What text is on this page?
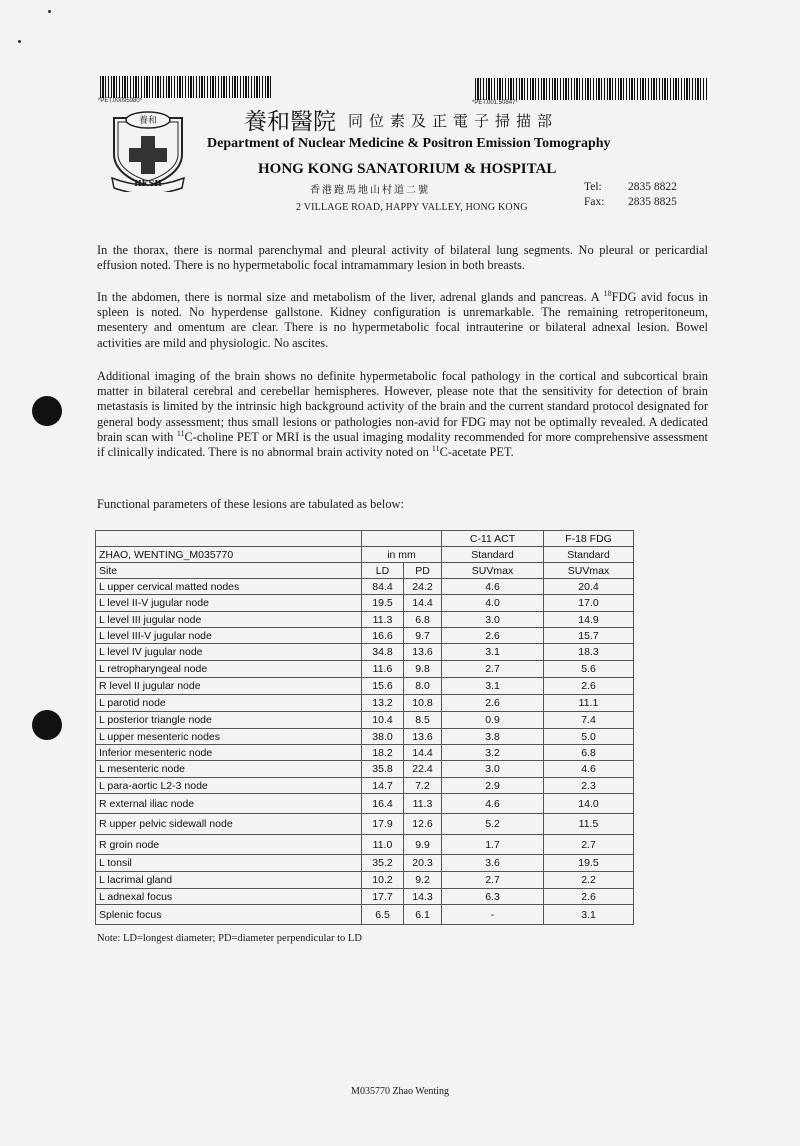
*PET.00095980*	*PET.001.50847*
養和
HKSH
養和醫院 同位素及正電子掃描部
Department of Nuclear Medicine & Positron Emission Tomography
HONG KONG SANATORIUM & HOSPITAL
香港跑馬地山村道二號
2 VILLAGE ROAD, HAPPY VALLEY, HONG KONG
Tel: 2835 8822
Fax: 2835 8825
In the thorax, there is normal parenchymal and pleural activity of bilateral lung segments. No pleural or pericardial effusion noted. There is no hypermetabolic focal intramammary lesion in both breasts.
In the abdomen, there is normal size and metabolism of the liver, adrenal glands and pancreas. A $^{18}$FDG avid focus in spleen is noted. No hyperdense gallstone. Kidney configuration is unremarkable. The remaining retroperitoneum, mesentery and omentum are clear. There is no hypermetabolic focal intrauterine or bilateral adnexal lesion. Bowel activities are mild and physiologic. No ascites.
Additional imaging of the brain shows no definite hypermetabolic focal pathology in the cortical and subcortical brain matter in bilateral cerebral and cerebellar hemispheres. However, please note that the sensitivity for detection of brain metastasis is limited by the intrinsic high background activity of the brain and the current standard protocol designated for general body assessment; thus small lesions or pathologies non-avid for FDG may not be optimally revealed. A dedicated brain scan with $^{11}$C-choline PET or MRI is the usual imaging modality recommended for more comprehensive assessment if clinically indicated. There is no abnormal brain activity noted on $^{11}$C-acetate PET.
Functional parameters of these lesions are tabulated as below:
			C-11 ACT	F-18 FDG
ZHAO, WENTING_M035770	in mm		Standard	Standard
Site	LD	PD	SUVmax	SUVmax
L upper cervical matted nodes	84.4	24.2	4.6	20.4
L level II-V jugular node	19.5	14.4	4.0	17.0
L level III jugular node	11.3	6.8	3.0	14.9
L level III-V jugular node	16.6	9.7	2.6	15.7
L level IV jugular node	34.8	13.6	3.1	18.3
L retropharyngeal node	11.6	9.8	2.7	5.6
R level II jugular node	15.6	8.0	3.1	2.6
L parotid node	13.2	10.8	2.6	11.1
L posterior triangle node	10.4	8.5	0.9	7.4
L upper mesenteric nodes	38.0	13.6	3.8	5.0
Inferior mesenteric node	18.2	14.4	3.2	6.8
L mesenteric node	35.8	22.4	3.0	4.6
L para-aortic L2-3 node	14.7	7.2	2.9	2.3
R external iliac node	16.4	11.3	4.6	14.0
R upper pelvic sidewall node	17.9	12.6	5.2	11.5
R groin node	11.0	9.9	1.7	2.7
L tonsil	35.2	20.3	3.6	19.5
L lacrimal gland	10.2	9.2	2.7	2.2
L adnexal focus	17.7	14.3	6.3	2.6
Splenic focus	6.5	6.1	-	3.1
Note: LD=longest diameter; PD=diameter perpendicular to LD
M035770 Zhao Wenting
